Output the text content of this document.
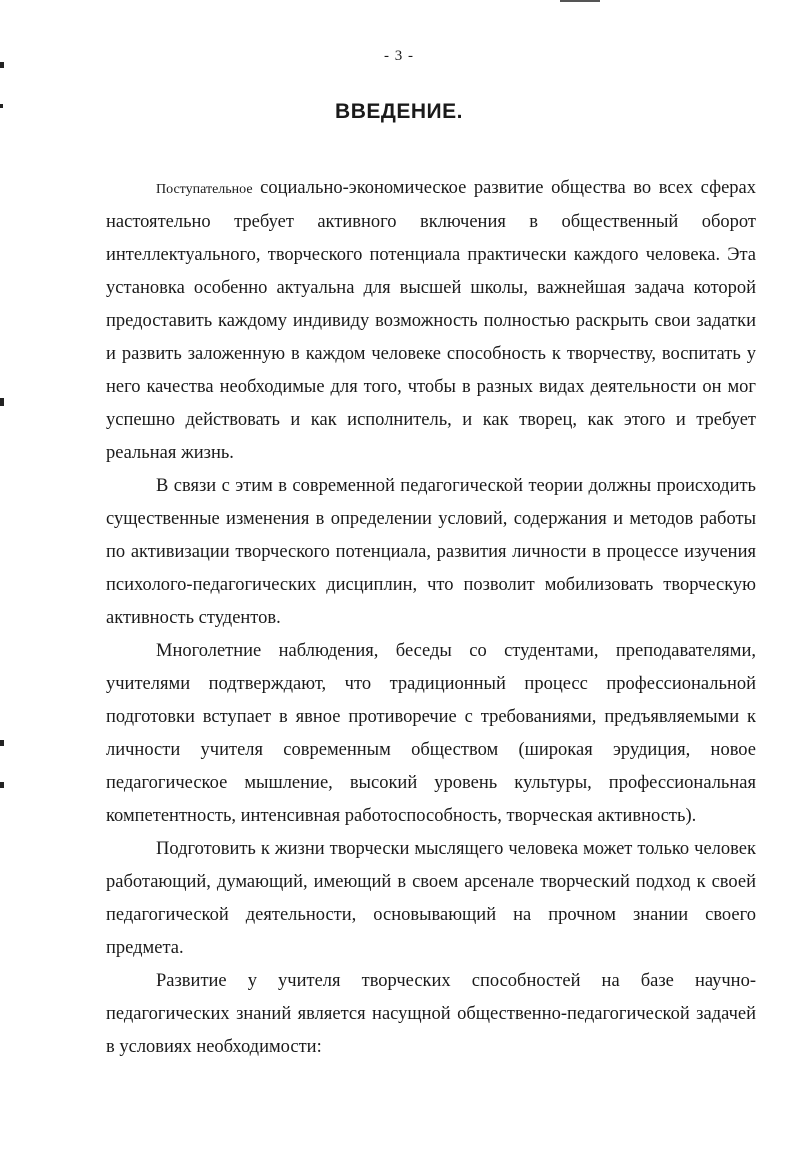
- 3 -
ВВЕДЕНИЕ.

Поступательное социально-экономическое развитие общества во всех сферах настоятельно требует активного включения в общественный оборот интеллектуального, творческого потенциала практически каждого человека. Эта установка особенно актуальна для высшей школы, важнейшая задача которой предоставить каждому индивиду возможность полностью раскрыть свои задатки и развить заложенную в каждом человеке способность к творчеству, воспитать у него качества необходимые для того, чтобы в разных видах деятельности он мог успешно действовать и как исполнитель, и как творец, как этого и требует реальная жизнь.

В связи с этим в современной педагогической теории должны происходить существенные изменения в определении условий, содержания и методов работы по активизации творческого потенциала, развития личности в процессе изучения психолого-педагогических дисциплин, что позволит мобилизовать творческую активность студентов.

Многолетние наблюдения, беседы со студентами, преподавателями, учителями подтверждают, что традиционный процесс профессиональной подготовки вступает в явное противоречие с требованиями, предъявляемыми к личности учителя современным обществом (широкая эрудиция, новое педагогическое мышление, высокий уровень культуры, профессиональная компетентность, интенсивная работоспособность, творческая активность).

Подготовить к жизни творчески мыслящего человека может только человек работающий, думающий, имеющий в своем арсенале творческий подход к своей педагогической деятельности, основывающий на прочном знании своего предмета.

Развитие у учителя творческих способностей на базе научно-педагогических знаний является насущной общественно-педагогической задачей в условиях необходимости:
